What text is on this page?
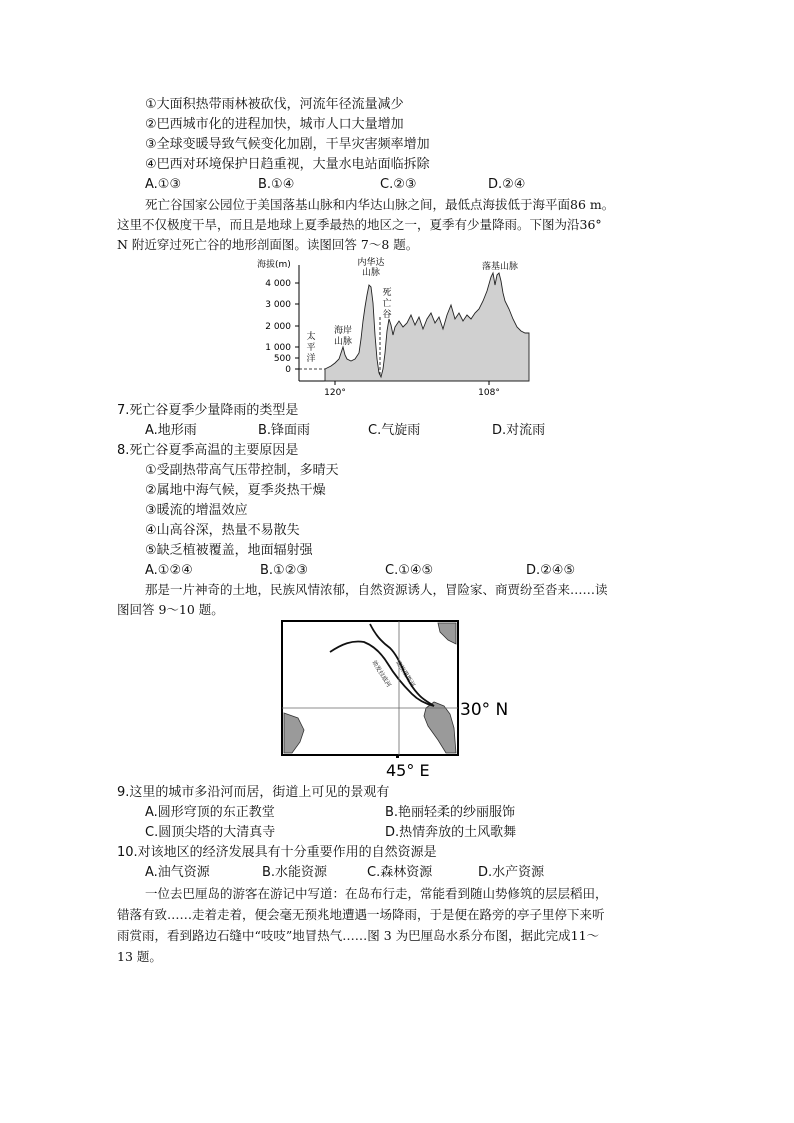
①大面积热带雨林被砍伐，河流年径流量减少
②巴西城市化的进程加快，城市人口大量增加
③全球变暖导致气候变化加剧，干旱灾害频率增加
④巴西对环境保护日趋重视，大量水电站面临拆除
A.①③	B.①④	C.②③	D.②④
死亡谷国家公园位于美国落基山脉和内华达山脉之间，最低点海拔低于海平面86 m。
这里不仅极度干旱，而且是地球上夏季最热的地区之一，夏季有少量降雨。下图为沿36°
N 附近穿过死亡谷的地形剖面图。读图回答 7～8 题。
海拔(m)
4 000
3 000
2 000
1 000
500
0
太
平
洋
海岸
山脉
内华达
山脉
死
亡
谷
落基山脉
120°	108°
7.死亡谷夏季少量降雨的类型是
A.地形雨	B.锋面雨	C.气旋雨	D.对流雨
8.死亡谷夏季高温的主要原因是
①受副热带高气压带控制，多晴天
②属地中海气候，夏季炎热干燥
③暖流的增温效应
④山高谷深，热量不易散失
⑤缺乏植被覆盖，地面辐射强
A.①②④	B.①②③	C.①④⑤	D.②④⑤
那是一片神奇的土地，民族风情浓郁，自然资源诱人，冒险家、商贾纷至沓来……读
图回答 9～10 题。
底格里斯河
幼发拉底河
30° N
45° E
9.这里的城市多沿河而居，街道上可见的景观有
A.圆形穹顶的东正教堂	B.艳丽轻柔的纱丽服饰
C.圆顶尖塔的大清真寺	D.热情奔放的土风歌舞
10.对该地区的经济发展具有十分重要作用的自然资源是
A.油气资源	B.水能资源	C.森林资源	D.水产资源
一位去巴厘岛的游客在游记中写道：在岛布行走，常能看到随山势修筑的层层稻田，
错落有致……走着走着，便会毫无预兆地遭遇一场降雨，于是便在路旁的亭子里停下来听
雨赏雨，看到路边石缝中“吱吱”地冒热气……图 3 为巴厘岛水系分布图，据此完成11～
13 题。
